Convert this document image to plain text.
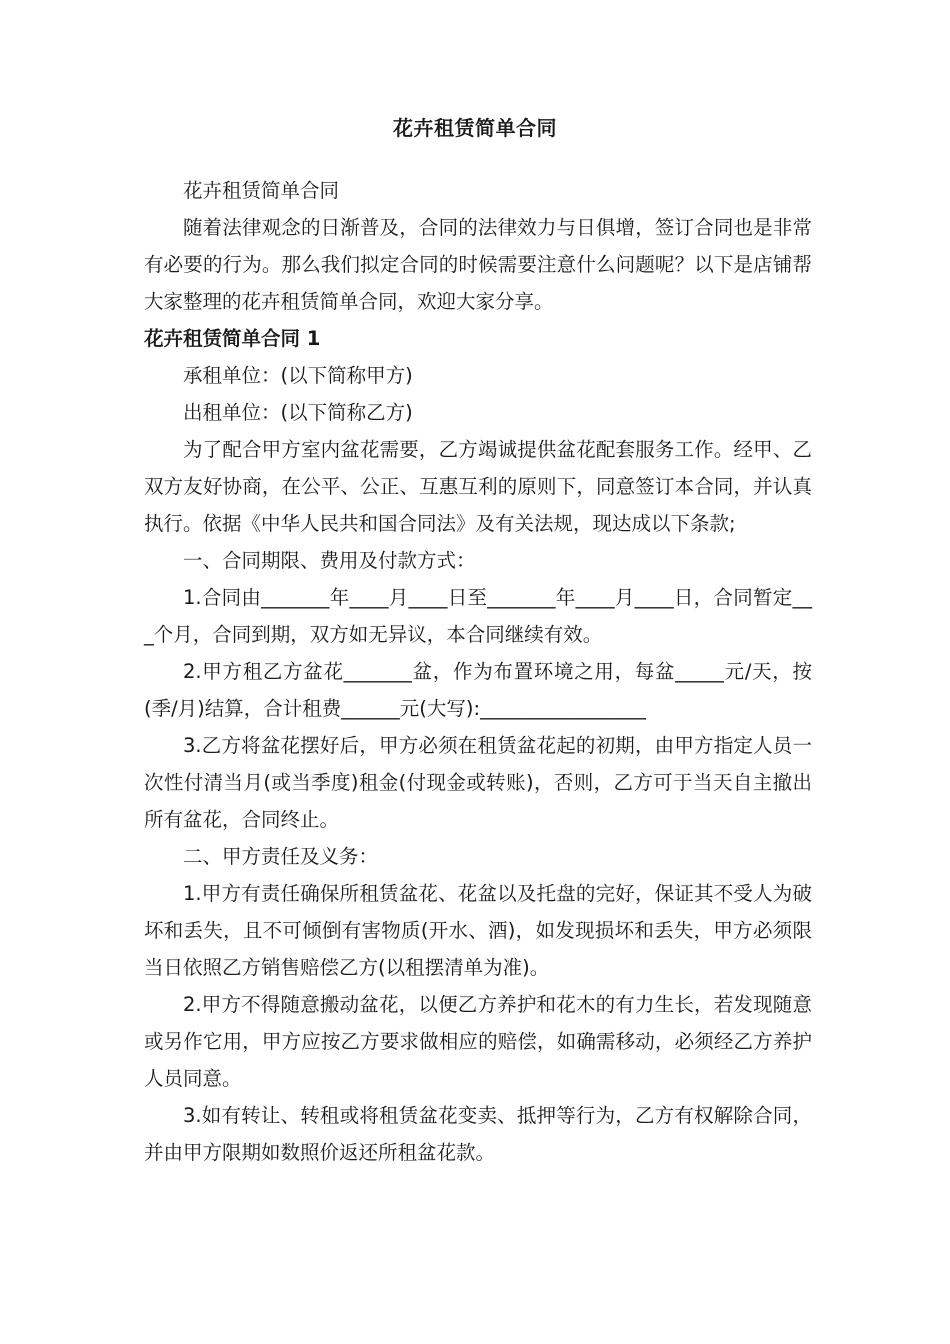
花卉租赁简单合同

花卉租赁简单合同

随着法律观念的日渐普及，合同的法律效力与日俱增，签订合同也是非常有必要的行为。那么我们拟定合同的时候需要注意什么问题呢？以下是店铺帮大家整理的花卉租赁简单合同，欢迎大家分享。

花卉租赁简单合同 1

承租单位：(以下简称甲方)

出租单位：(以下简称乙方)

为了配合甲方室内盆花需要，乙方竭诚提供盆花配套服务工作。经甲、乙双方友好协商，在公平、公正、互惠互利的原则下，同意签订本合同，并认真执行。依据《中华人民共和国合同法》及有关法规，现达成以下条款;

一、合同期限、费用及付款方式：

1.合同由_______年____月____日至_______年____月____日，合同暂定___个月，合同到期，双方如无异议，本合同继续有效。

2.甲方租乙方盆花_______盆，作为布置环境之用，每盆_____元/天，按(季/月)结算，合计租费______元(大写):_________________

3.乙方将盆花摆好后，甲方必须在租赁盆花起的初期，由甲方指定人员一次性付清当月(或当季度)租金(付现金或转账)，否则，乙方可于当天自主撤出所有盆花，合同终止。

二、甲方责任及义务：

1.甲方有责任确保所租赁盆花、花盆以及托盘的完好，保证其不受人为破坏和丢失，且不可倾倒有害物质(开水、酒)，如发现损坏和丢失，甲方必须限当日依照乙方销售赔偿乙方(以租摆清单为准)。

2.甲方不得随意搬动盆花，以便乙方养护和花木的有力生长，若发现随意或另作它用，甲方应按乙方要求做相应的赔偿，如确需移动，必须经乙方养护人员同意。

3.如有转让、转租或将租赁盆花变卖、抵押等行为，乙方有权解除合同，并由甲方限期如数照价返还所租盆花款。
